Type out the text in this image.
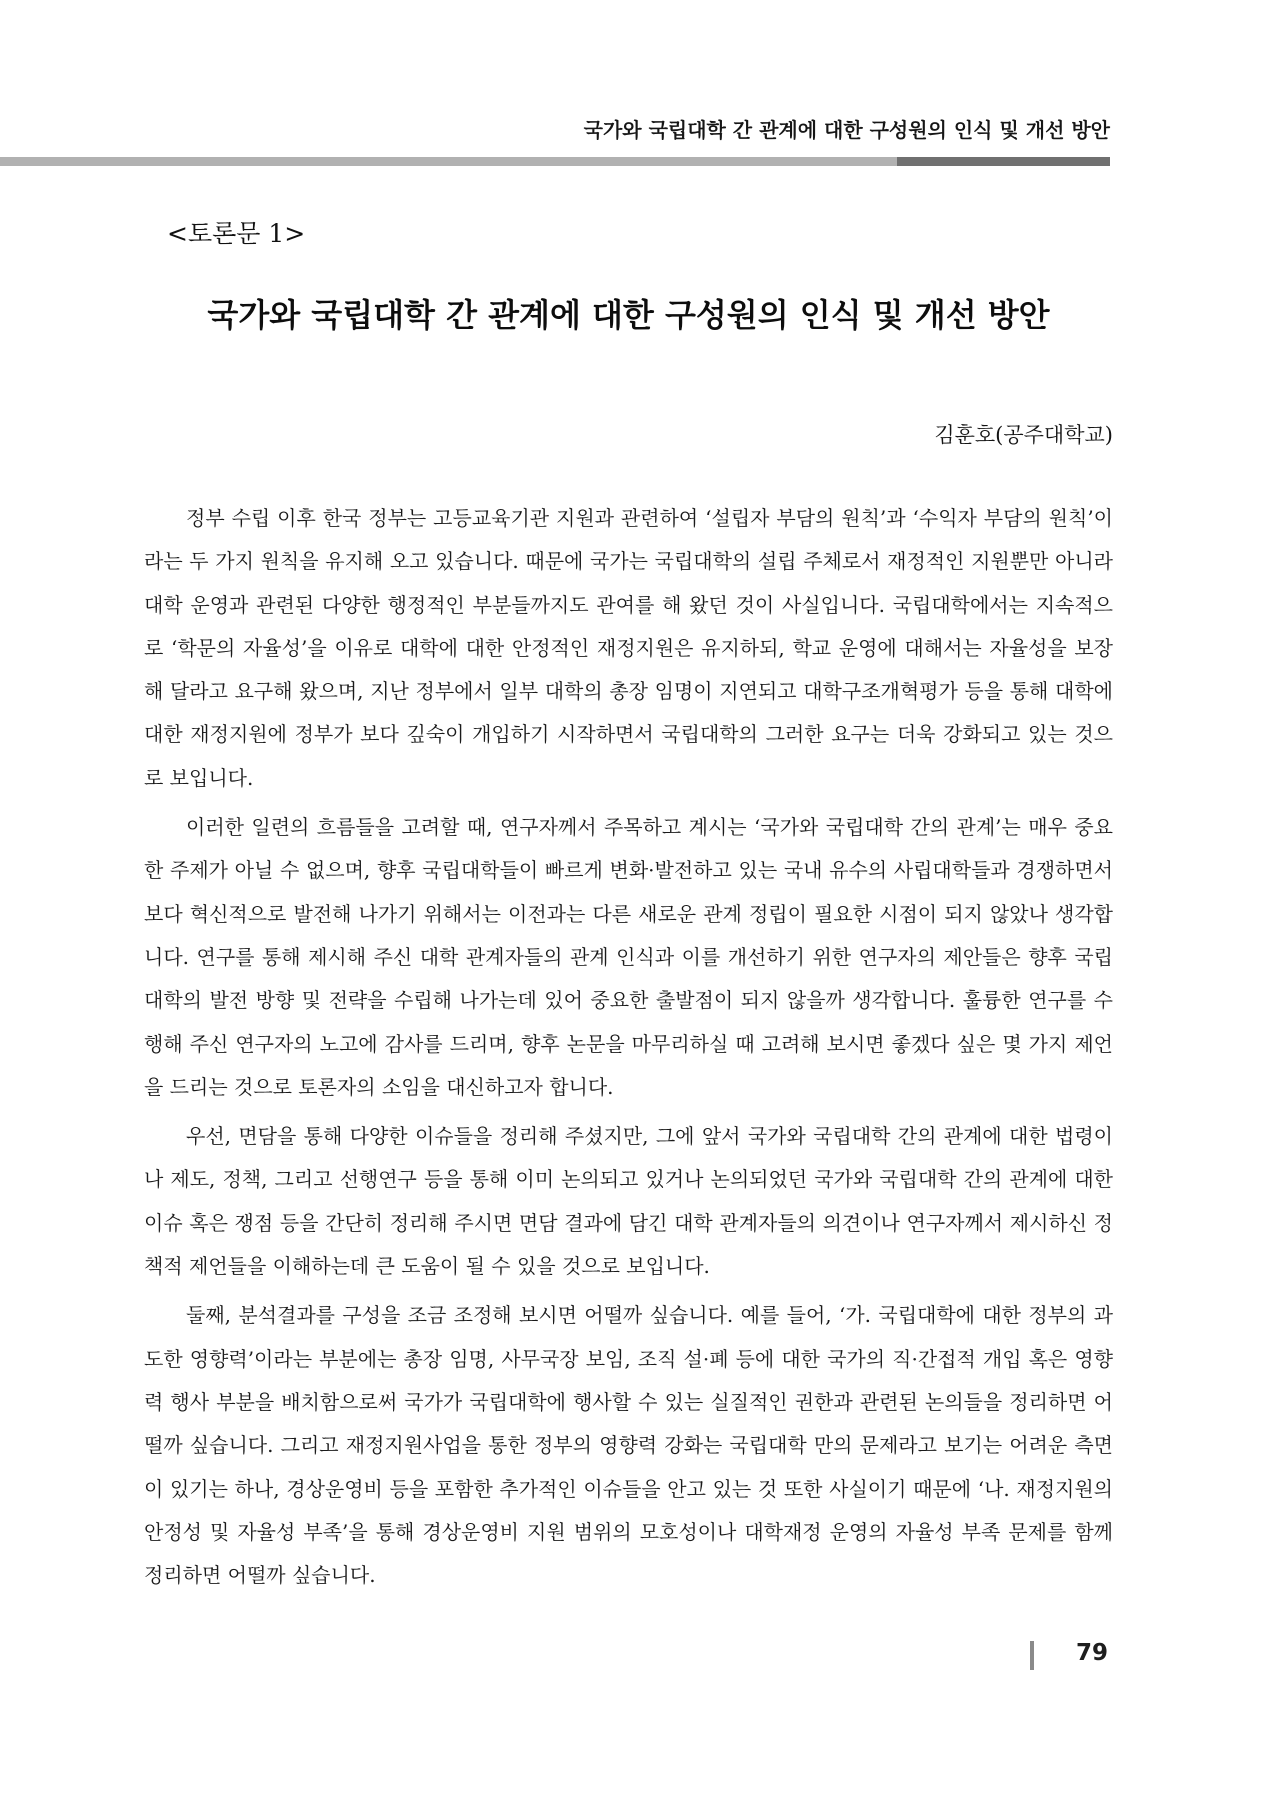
국가와 국립대학 간 관계에 대한 구성원의 인식 및 개선 방안
<토론문 1>
국가와 국립대학 간 관계에 대한 구성원의 인식 및 개선 방안
김훈호(공주대학교)

정부 수립 이후 한국 정부는 고등교육기관 지원과 관련하여 ‘설립자 부담의 원칙’과 ‘수익자 부담의 원칙’이라는 두 가지 원칙을 유지해 오고 있습니다. 때문에 국가는 국립대학의 설립 주체로서 재정적인 지원뿐만 아니라 대학 운영과 관련된 다양한 행정적인 부분들까지도 관여를 해 왔던 것이 사실입니다. 국립대학에서는 지속적으로 ‘학문의 자율성’을 이유로 대학에 대한 안정적인 재정지원은 유지하되, 학교 운영에 대해서는 자율성을 보장해 달라고 요구해 왔으며, 지난 정부에서 일부 대학의 총장 임명이 지연되고 대학구조개혁평가 등을 통해 대학에 대한 재정지원에 정부가 보다 깊숙이 개입하기 시작하면서 국립대학의 그러한 요구는 더욱 강화되고 있는 것으로 보입니다.

이러한 일련의 흐름들을 고려할 때, 연구자께서 주목하고 계시는 ‘국가와 국립대학 간의 관계’는 매우 중요한 주제가 아닐 수 없으며, 향후 국립대학들이 빠르게 변화·발전하고 있는 국내 유수의 사립대학들과 경쟁하면서 보다 혁신적으로 발전해 나가기 위해서는 이전과는 다른 새로운 관계 정립이 필요한 시점이 되지 않았나 생각합니다. 연구를 통해 제시해 주신 대학 관계자들의 관계 인식과 이를 개선하기 위한 연구자의 제안들은 향후 국립대학의 발전 방향 및 전략을 수립해 나가는데 있어 중요한 출발점이 되지 않을까 생각합니다. 훌륭한 연구를 수행해 주신 연구자의 노고에 감사를 드리며, 향후 논문을 마무리하실 때 고려해 보시면 좋겠다 싶은 몇 가지 제언을 드리는 것으로 토론자의 소임을 대신하고자 합니다.

우선, 면담을 통해 다양한 이슈들을 정리해 주셨지만, 그에 앞서 국가와 국립대학 간의 관계에 대한 법령이나 제도, 정책, 그리고 선행연구 등을 통해 이미 논의되고 있거나 논의되었던 국가와 국립대학 간의 관계에 대한 이슈 혹은 쟁점 등을 간단히 정리해 주시면 면담 결과에 담긴 대학 관계자들의 의견이나 연구자께서 제시하신 정책적 제언들을 이해하는데 큰 도움이 될 수 있을 것으로 보입니다.

둘째, 분석결과를 구성을 조금 조정해 보시면 어떨까 싶습니다. 예를 들어, ‘가. 국립대학에 대한 정부의 과도한 영향력’이라는 부분에는 총장 임명, 사무국장 보임, 조직 설·폐 등에 대한 국가의 직·간접적 개입 혹은 영향력 행사 부분을 배치함으로써 국가가 국립대학에 행사할 수 있는 실질적인 권한과 관련된 논의들을 정리하면 어떨까 싶습니다. 그리고 재정지원사업을 통한 정부의 영향력 강화는 국립대학 만의 문제라고 보기는 어려운 측면이 있기는 하나, 경상운영비 등을 포함한 추가적인 이슈들을 안고 있는 것 또한 사실이기 때문에 ‘나. 재정지원의 안정성 및 자율성 부족’을 통해 경상운영비 지원 범위의 모호성이나 대학재정 운영의 자율성 부족 문제를 함께 정리하면 어떨까 싶습니다.

79
